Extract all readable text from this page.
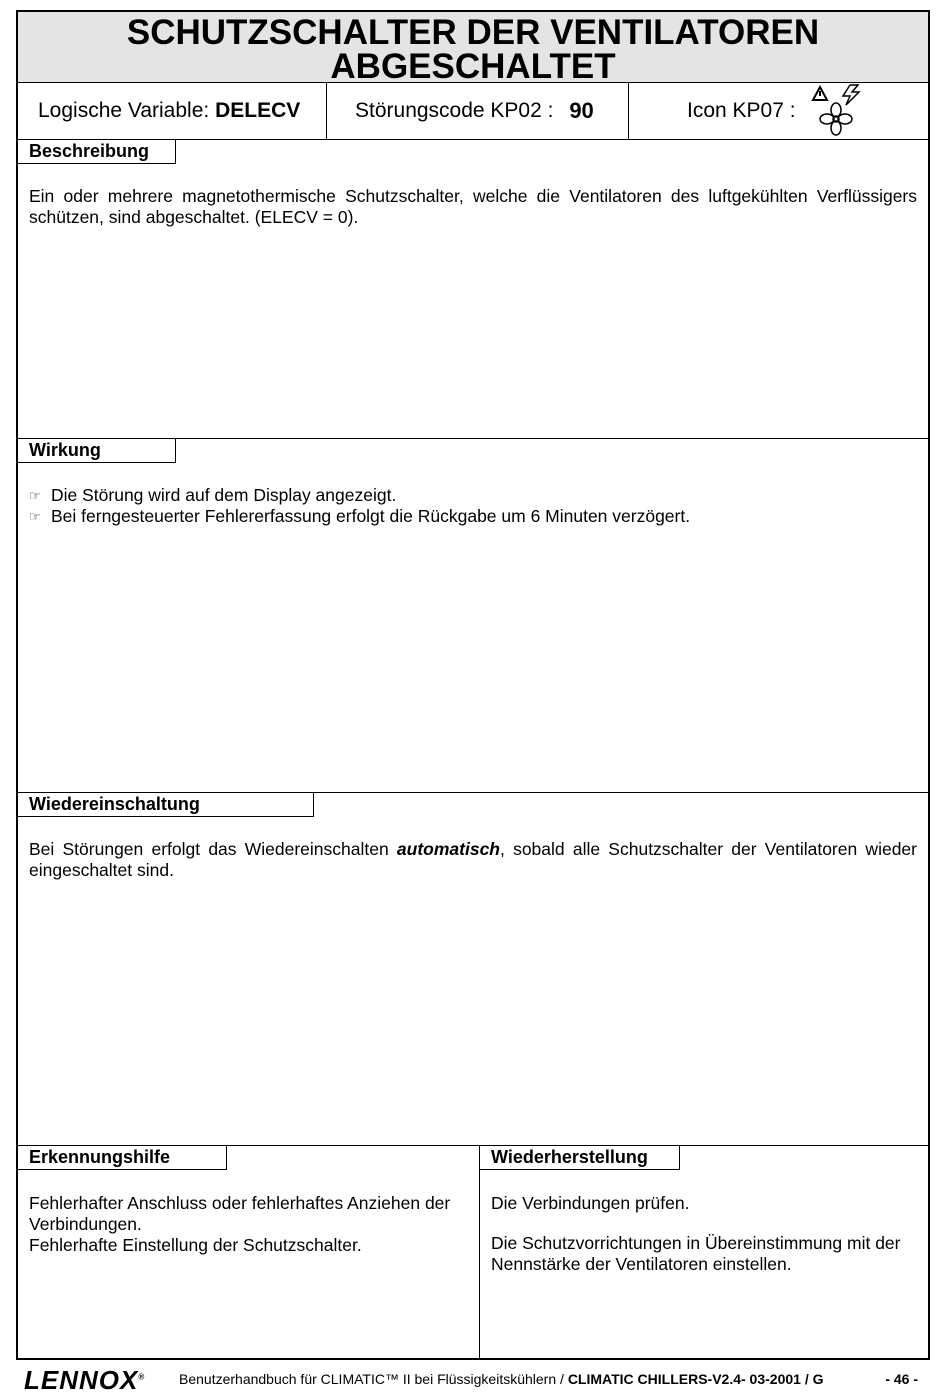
SCHUTZSCHALTER DER VENTILATOREN
ABGESCHALTET
Logische Variable: DELECV	Störungscode KP02 : 90	Icon KP07 :
Beschreibung
Ein oder mehrere magnetothermische Schutzschalter, welche die Ventilatoren des luftgekühlten Verflüssigers schützen, sind abgeschaltet. (ELECV = 0).
Wirkung
☞ Die Störung wird auf dem Display angezeigt.
☞ Bei ferngesteuerter Fehlererfassung erfolgt die Rückgabe um 6 Minuten verzögert.
Wiedereinschaltung
Bei Störungen erfolgt das Wiedereinschalten automatisch, sobald alle Schutzschalter der Ventilatoren wieder eingeschaltet sind.
Erkennungshilfe
Fehlerhafter Anschluss oder fehlerhaftes Anziehen der Verbindungen.
Fehlerhafte Einstellung der Schutzschalter.
Wiederherstellung
Die Verbindungen prüfen.
Die Schutzvorrichtungen in Übereinstimmung mit der Nennstärke der Ventilatoren einstellen.
LENNOX® Benutzerhandbuch für CLIMATIC™ II bei Flüssigkeitskühlern / CLIMATIC CHILLERS-V2.4- 03-2001 / G	- 46 -
